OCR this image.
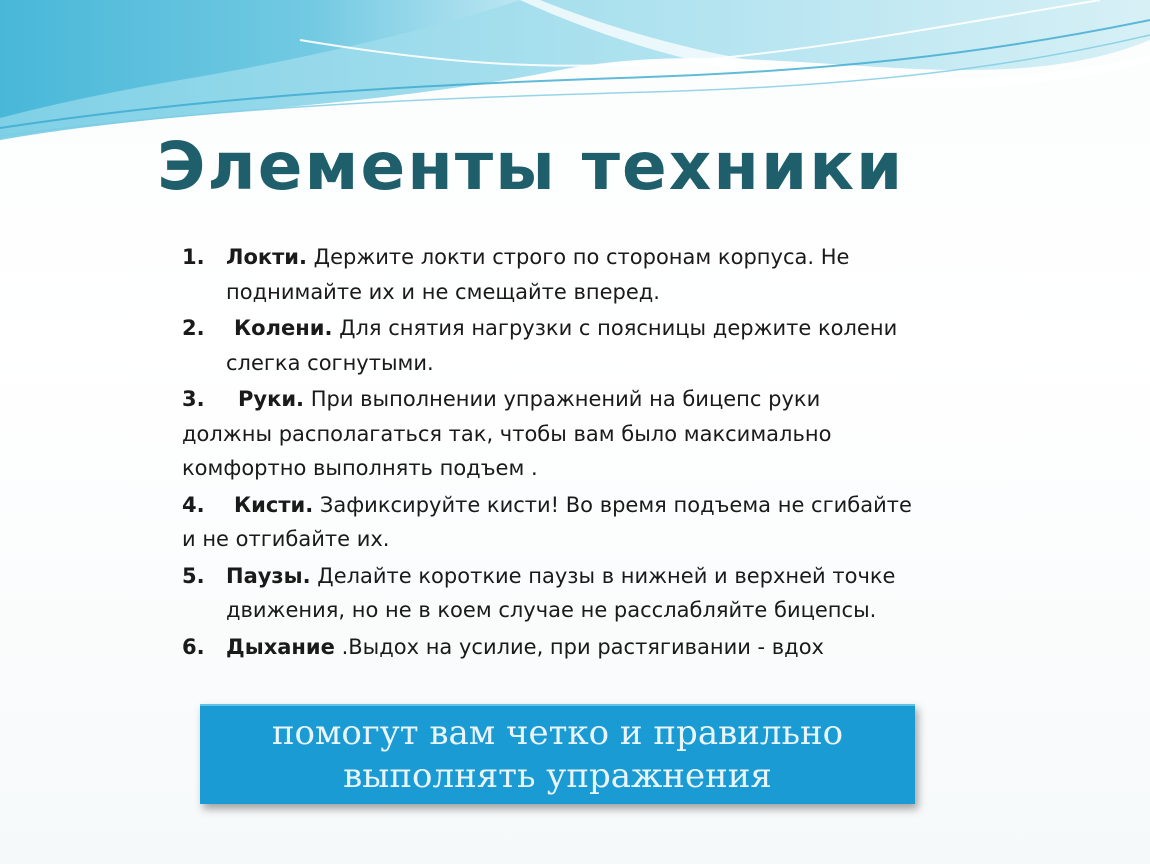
Элементы техники
1. Локти. Держите локти строго по сторонам корпуса. Не поднимайте их и не смещайте вперед.
2. Колени. Для снятия нагрузки с поясницы держите колени слегка согнутыми.
3. Руки. При выполнении упражнений на бицепс руки должны располагаться так, чтобы вам было максимально комфортно выполнять подъем .
4. Кисти. Зафиксируйте кисти! Во время подъема не сгибайте и не отгибайте их.
5. Паузы. Делайте короткие паузы в нижней и верхней точке движения, но не в коем случае не расслабляйте бицепсы.
6. Дыхание .Выдох на усилие, при растягивании - вдох

помогут вам четко и правильно выполнять упражнения
